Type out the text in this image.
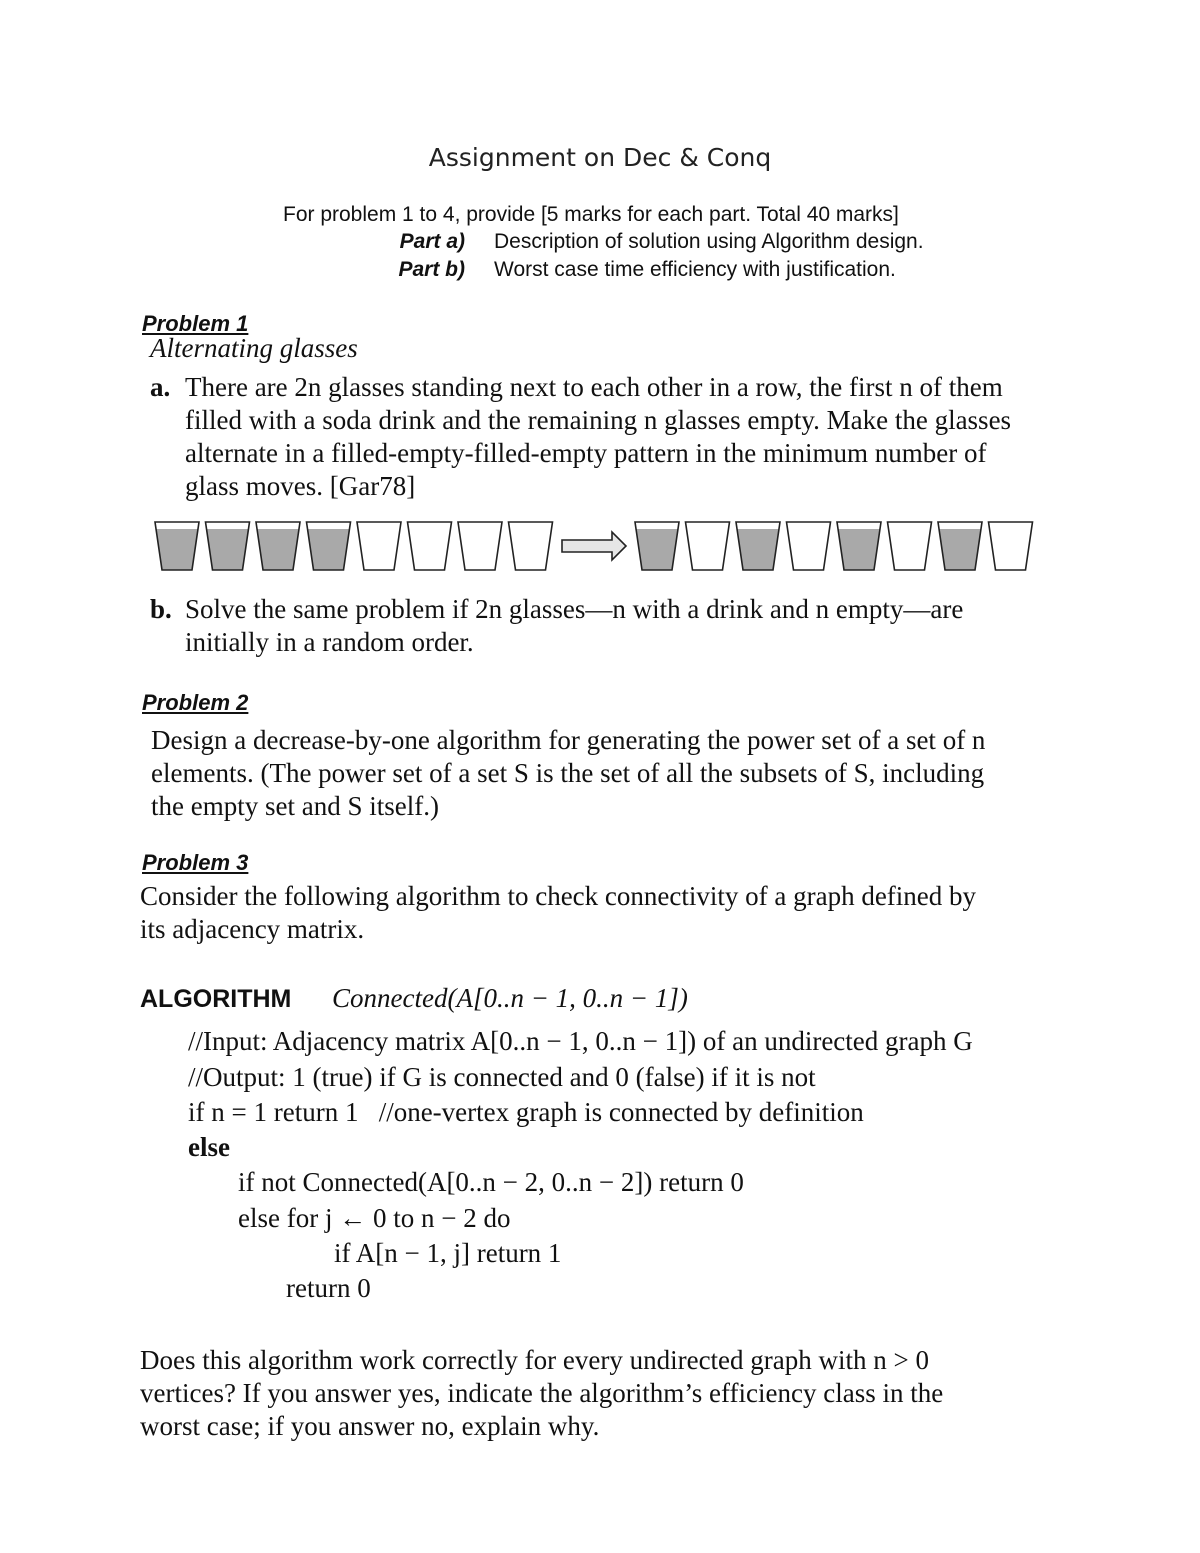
Assignment on Dec & Conq
For problem 1 to 4, provide [5 marks for each part. Total 40 marks]
Part a) Description of solution using Algorithm design.
Part b) Worst case time efficiency with justification.
Problem 1
Alternating glasses
a. There are 2n glasses standing next to each other in a row, the first n of them
filled with a soda drink and the remaining n glasses empty. Make the glasses
alternate in a filled-empty-filled-empty pattern in the minimum number of
glass moves. [Gar78]
b. Solve the same problem if 2n glasses—n with a drink and n empty—are
initially in a random order.
Problem 2
Design a decrease-by-one algorithm for generating the power set of a set of n
elements. (The power set of a set S is the set of all the subsets of S, including
the empty set and S itself.)
Problem 3
Consider the following algorithm to check connectivity of a graph defined by
its adjacency matrix.
ALGORITHM Connected(A[0..n − 1, 0..n − 1])
//Input: Adjacency matrix A[0..n − 1, 0..n − 1]) of an undirected graph G
//Output: 1 (true) if G is connected and 0 (false) if it is not
if n = 1 return 1   //one-vertex graph is connected by definition
else
if not Connected(A[0..n − 2, 0..n − 2]) return 0
else for j ← 0 to n − 2 do
if A[n − 1, j] return 1
return 0
Does this algorithm work correctly for every undirected graph with n > 0
vertices? If you answer yes, indicate the algorithm’s efficiency class in the
worst case; if you answer no, explain why.
